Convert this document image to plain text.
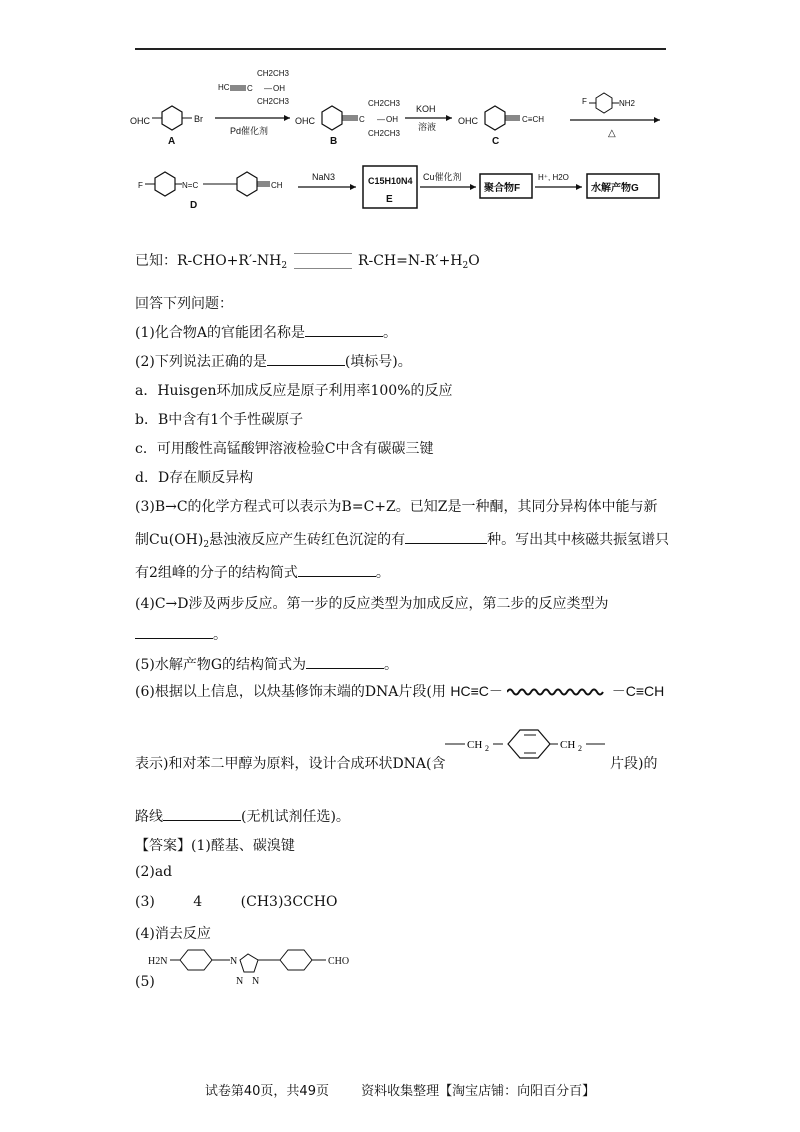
OHC	Br
A
HC C
CH2CH3
— OH
CH2CH3
Pd催化剂
OHC	C
CH2CH3
— OH
CH2CH3
B
KOH
溶液
OHC	C≡CH
C
F	NH2
△
F	N=C	CH
D
NaN3	C15H10N4
E
Cu催化剂
聚合物F
H⁺, H2O
水解产物G
已知：$R-CHO+R'-NH_2$	$R-CH=N-R'+H_2O$
回答下列问题：
(1)化合物A的官能团名称是	。
(2)下列说法正确的是	(填标号)。
a．Huisgen环加成反应是原子利用率100%的反应
b．B中含有1个手性碳原子
c．可用酸性高锰酸钾溶液检验C中含有碳碳三键
d．D存在顺反异构
(3)B→C的化学方程式可以表示为B=C+Z。已知Z是一种酮，其同分异构体中能与新
制$Cu(OH)_2$悬浊液反应产生砖红色沉淀的有	种。写出其中核磁共振氢谱只
有2组峰的分子的结构简式	。
(4)C→D涉及两步反应。第一步的反应类型为加成反应，第二步的反应类型为
。
(5)水解产物G的结构简式为	。
(6)根据以上信息，以炔基修饰末端的DNA片段(用 HC≡C－	－C≡CH
CH 2	CH 2
表示)和对苯二甲醇为原料，设计合成环状DNA(含	片段)的
路线	(无机试剂任选)。
【答案】(1)醛基、碳溴键
(2)ad
(3)	4	(CH3)3CCHO
(4)消去反应
H2N	N
N N
CHO
(5)
试卷第40页，共49页 资料收集整理【淘宝店铺：向阳百分百】
